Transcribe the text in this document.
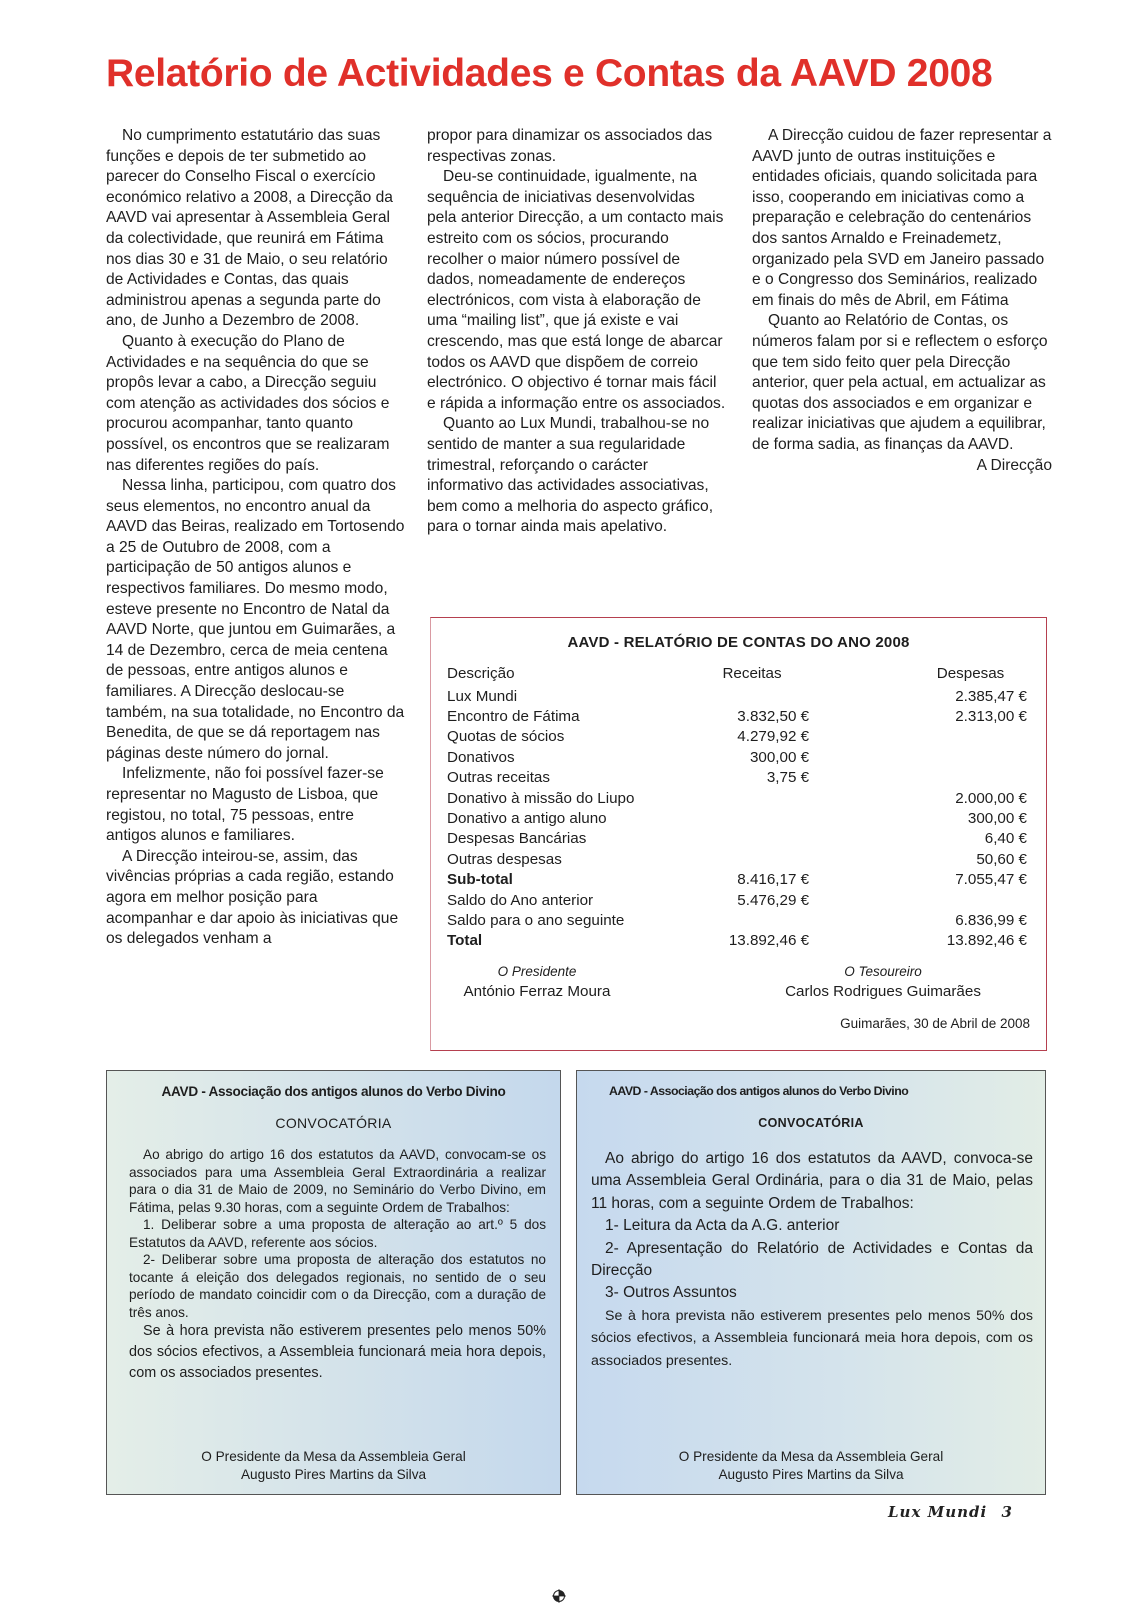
Relatório de Actividades e Contas da AAVD 2008

No cumprimento estatutário das suas funções e depois de ter submetido ao parecer do Conselho Fiscal o exercício económico relativo a 2008, a Direcção da AAVD vai apresentar à Assembleia Geral da colectividade, que reunirá em Fátima nos dias 30 e 31 de Maio, o seu relatório de Actividades e Contas, das quais administrou apenas a segunda parte do ano, de Junho a Dezembro de 2008.

Quanto à execução do Plano de Actividades e na sequência do que se propôs levar a cabo, a Direcção seguiu com atenção as actividades dos sócios e procurou acompanhar, tanto quanto possível, os encontros que se realizaram nas diferentes regiões do país.

Nessa linha, participou, com quatro dos seus elementos, no encontro anual da AAVD das Beiras, realizado em Tortosendo a 25 de Outubro de 2008, com a participação de 50 antigos alunos e respectivos familiares. Do mesmo modo, esteve presente no Encontro de Natal da AAVD Norte, que juntou em Guimarães, a 14 de Dezembro, cerca de meia centena de pessoas, entre antigos alunos e familiares. A Direcção deslocau-se também, na sua totalidade, no Encontro da Benedita, de que se dá reportagem nas páginas deste número do jornal.

Infelizmente, não foi possível fazer-se representar no Magusto de Lisboa, que registou, no total, 75 pessoas, entre antigos alunos e familiares.

A Direcção inteirou-se, assim, das vivências próprias a cada região, estando agora em melhor posição para acompanhar e dar apoio às iniciativas que os delegados venham a

propor para dinamizar os associados das respectivas zonas.

Deu-se continuidade, igualmente, na sequência de iniciativas desenvolvidas pela anterior Direcção, a um contacto mais estreito com os sócios, procurando recolher o maior número possível de dados, nomeadamente de endereços electrónicos, com vista à elaboração de uma “mailing list”, que já existe e vai crescendo, mas que está longe de abarcar todos os AAVD que dispõem de correio electrónico. O objectivo é tornar mais fácil e rápida a informação entre os associados.

Quanto ao Lux Mundi, trabalhou-se no sentido de manter a sua regularidade trimestral, reforçando o carácter informativo das actividades associativas, bem como a melhoria do aspecto gráfico, para o tornar ainda mais apelativo.

A Direcção cuidou de fazer representar a AAVD junto de outras instituições e entidades oficiais, quando solicitada para isso, cooperando em iniciativas como a preparação e celebração do centenários dos santos Arnaldo e Freinademetz, organizado pela SVD em Janeiro passado e o Congresso dos Seminários, realizado em finais do mês de Abril, em Fátima

Quanto ao Relatório de Contas, os números falam por si e reflectem o esforço que tem sido feito quer pela Direcção anterior, quer pela actual, em actualizar as quotas dos associados e em organizar e realizar iniciativas que ajudem a equilibrar, de forma sadia, as finanças da AAVD.

A Direcção

AAVD - RELATÓRIO DE CONTAS DO ANO 2008
Descrição	Receitas		Despesas
Lux Mundi			2.385,47 €
Encontro de Fátima	3.832,50 €		2.313,00 €
Quotas de sócios	4.279,92 €		
Donativos	300,00 €		
Outras receitas	3,75 €		
Donativo à missão do Liupo			2.000,00 €
Donativo a antigo aluno			300,00 €
Despesas Bancárias			6,40 €
Outras despesas			50,60 €
Sub-total	8.416,17 €		7.055,47 €
Saldo do Ano anterior	5.476,29 €		
Saldo para o ano seguinte			6.836,99 €
Total	13.892,46 €		13.892,46 €
O Presidente
António Ferraz Moura
O Tesoureiro
Carlos Rodrigues Guimarães
Guimarães, 30 de Abril de 2008
AAVD - Associação dos antigos alunos do Verbo Divino
CONVOCATÓRIA

Ao abrigo do artigo 16 dos estatutos da AAVD, convocam-se os associados para uma Assembleia Geral Extraordinária a realizar para o dia 31 de Maio de 2009, no Seminário do Verbo Divino, em Fátima, pelas 9.30 horas, com a seguinte Ordem de Trabalhos:

1. Deliberar sobre a uma proposta de alteração ao art.º 5 dos Estatutos da AAVD, referente aos sócios.

2- Deliberar sobre uma proposta de alteração dos estatutos no tocante á eleição dos delegados regionais, no sentido de o seu período de mandato coincidir com o da Direcção, com a duração de três anos.

Se à hora prevista não estiverem presentes pelo menos 50% dos sócios efectivos, a Assembleia funcionará meia hora depois, com os associados presentes.

O Presidente da Mesa da Assembleia Geral
Augusto Pires Martins da Silva
AAVD - Associação dos antigos alunos do Verbo Divino
CONVOCATÓRIA

Ao abrigo do artigo 16 dos estatutos da AAVD, convoca-se uma Assembleia Geral Ordinária, para o dia 31 de Maio, pelas 11 horas, com a seguinte Ordem de Trabalhos:

1- Leitura da Acta da A.G. anterior

2- Apresentação do Relatório de Actividades e Contas da Direcção

3- Outros Assuntos

Se à hora prevista não estiverem presentes pelo menos 50% dos sócios efectivos, a Assembleia funcionará meia hora depois, com os associados presentes.

O Presidente da Mesa da Assembleia Geral
Augusto Pires Martins da Silva
Lux Mundi 3
